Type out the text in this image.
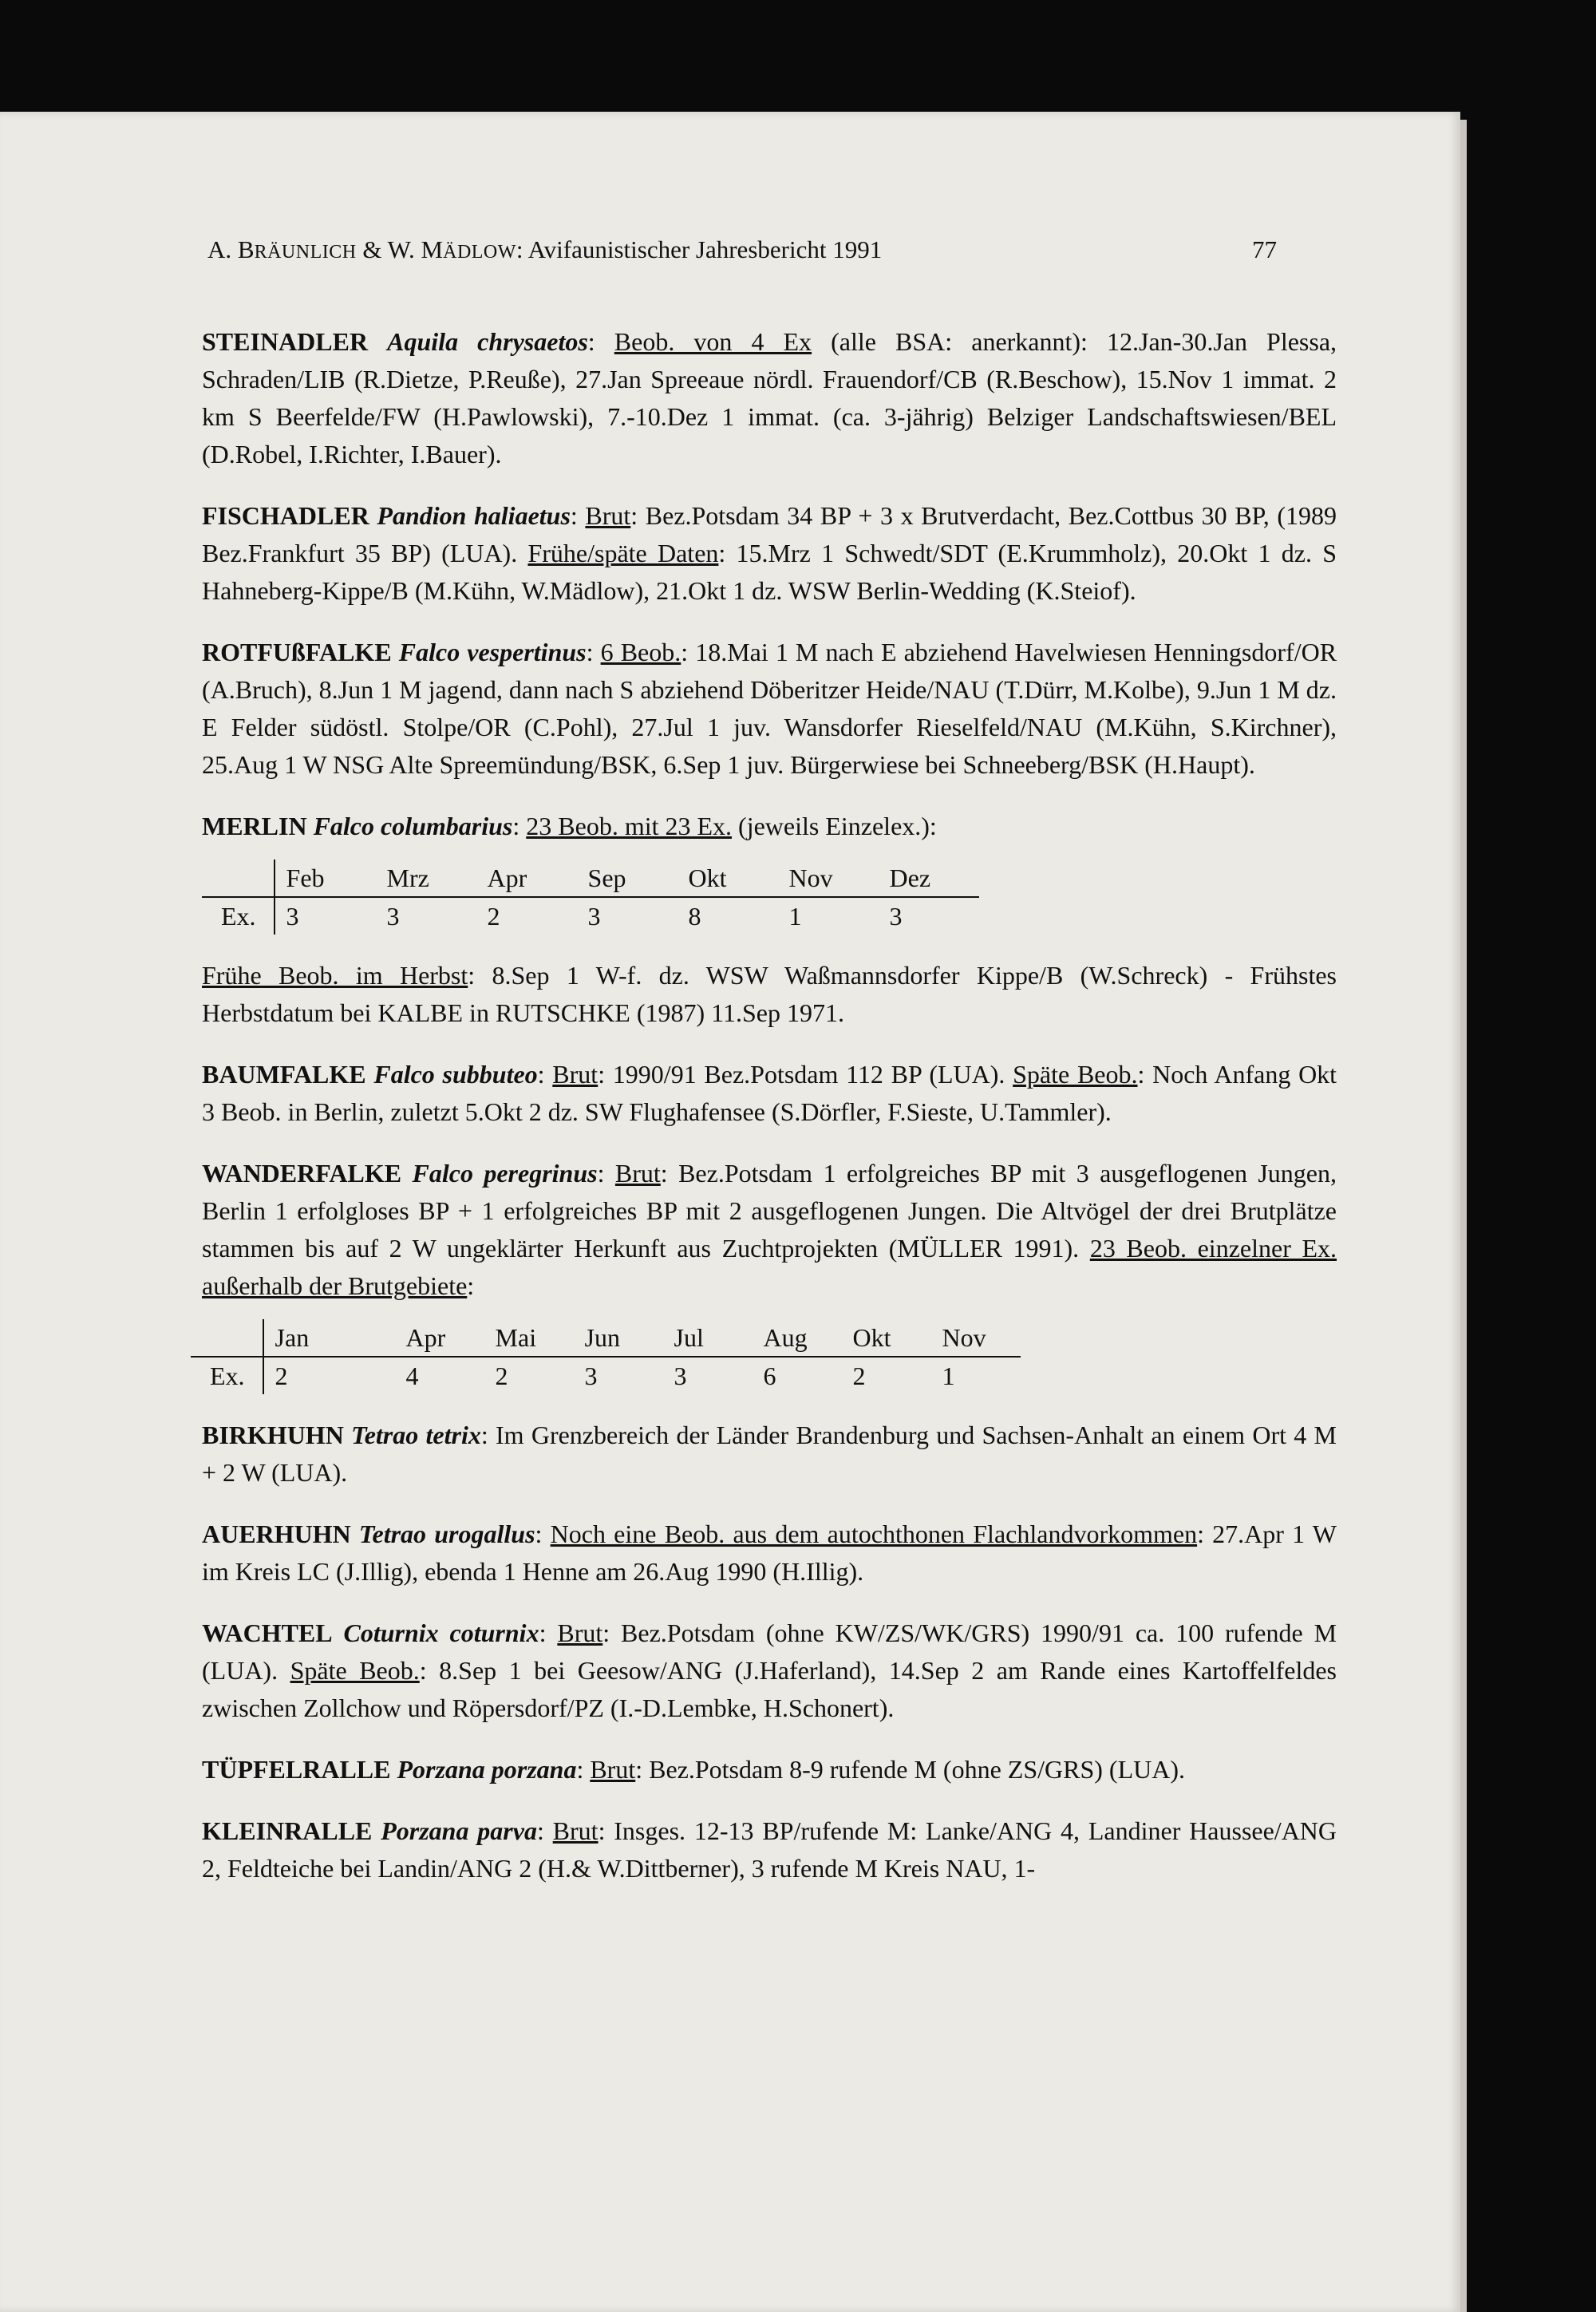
A. BRÄUNLICH & W. MÄDLOW: Avifaunistischer Jahresbericht 1991	77

STEINADLER Aquila chrysaetos: Beob. von 4 Ex (alle BSA: anerkannt): 12.Jan-30.Jan Plessa, Schraden/LIB (R.Dietze, P.Reuße), 27.Jan Spreeaue nördl. Frauendorf/CB (R.Beschow), 15.Nov 1 immat. 2 km S Beerfelde/FW (H.Pawlowski), 7.-10.Dez 1 immat. (ca. 3-jährig) Belziger Landschaftswiesen/BEL (D.Robel, I.Richter, I.Bauer).

FISCHADLER Pandion haliaetus: Brut: Bez.Potsdam 34 BP + 3 x Brutverdacht, Bez.Cottbus 30 BP, (1989 Bez.Frankfurt 35 BP) (LUA). Frühe/späte Daten: 15.Mrz 1 Schwedt/SDT (E.Krummholz), 20.Okt 1 dz. S Hahneberg-Kippe/B (M.Kühn, W.Mädlow), 21.Okt 1 dz. WSW Berlin-Wedding (K.Steiof).

ROTFUßFALKE Falco vespertinus: 6 Beob.: 18.Mai 1 M nach E abziehend Havelwiesen Henningsdorf/OR (A.Bruch), 8.Jun 1 M jagend, dann nach S abziehend Döberitzer Heide/NAU (T.Dürr, M.Kolbe), 9.Jun 1 M dz. E Felder südöstl. Stolpe/OR (C.Pohl), 27.Jul 1 juv. Wansdorfer Rieselfeld/NAU (M.Kühn, S.Kirchner), 25.Aug 1 W NSG Alte Spreemündung/BSK, 6.Sep 1 juv. Bürgerwiese bei Schneeberg/BSK (H.Haupt).

MERLIN Falco columbarius: 23 Beob. mit 23 Ex. (jeweils Einzelex.):

	Feb	Mrz	Apr	Sep	Okt	Nov	Dez
Ex.	3	3	2	3	8	1	3

Frühe Beob. im Herbst: 8.Sep 1 W-f. dz. WSW Waßmannsdorfer Kippe/B (W.Schreck) - Frühstes Herbstdatum bei KALBE in RUTSCHKE (1987) 11.Sep 1971.

BAUMFALKE Falco subbuteo: Brut: 1990/91 Bez.Potsdam 112 BP (LUA). Späte Beob.: Noch Anfang Okt 3 Beob. in Berlin, zuletzt 5.Okt 2 dz. SW Flughafensee (S.Dörfler, F.Sieste, U.Tammler).

WANDERFALKE Falco peregrinus: Brut: Bez.Potsdam 1 erfolgreiches BP mit 3 ausgeflogenen Jungen, Berlin 1 erfolgloses BP + 1 erfolgreiches BP mit 2 ausgeflogenen Jungen. Die Altvögel der drei Brutplätze stammen bis auf 2 W ungeklärter Herkunft aus Zuchtprojekten (MÜLLER 1991). 23 Beob. einzelner Ex. außerhalb der Brutgebiete:

	Jan	Apr	Mai	Jun	Jul	Aug	Okt	Nov
Ex.	2	4	2	3	3	6	2	1

BIRKHUHN Tetrao tetrix: Im Grenzbereich der Länder Brandenburg und Sachsen-Anhalt an einem Ort 4 M + 2 W (LUA).

AUERHUHN Tetrao urogallus: Noch eine Beob. aus dem autochthonen Flachlandvorkommen: 27.Apr 1 W im Kreis LC (J.Illig), ebenda 1 Henne am 26.Aug 1990 (H.Illig).

WACHTEL Coturnix coturnix: Brut: Bez.Potsdam (ohne KW/ZS/WK/GRS) 1990/91 ca. 100 rufende M (LUA). Späte Beob.: 8.Sep 1 bei Geesow/ANG (J.Haferland), 14.Sep 2 am Rande eines Kartoffelfeldes zwischen Zollchow und Röpersdorf/PZ (I.-D.Lembke, H.Schonert).

TÜPFELRALLE Porzana porzana: Brut: Bez.Potsdam 8-9 rufende M (ohne ZS/GRS) (LUA).

KLEINRALLE Porzana parva: Brut: Insges. 12-13 BP/rufende M: Lanke/ANG 4, Landiner Haussee/ANG 2, Feldteiche bei Landin/ANG 2 (H.& W.Dittberner), 3 rufende M Kreis NAU, 1-
